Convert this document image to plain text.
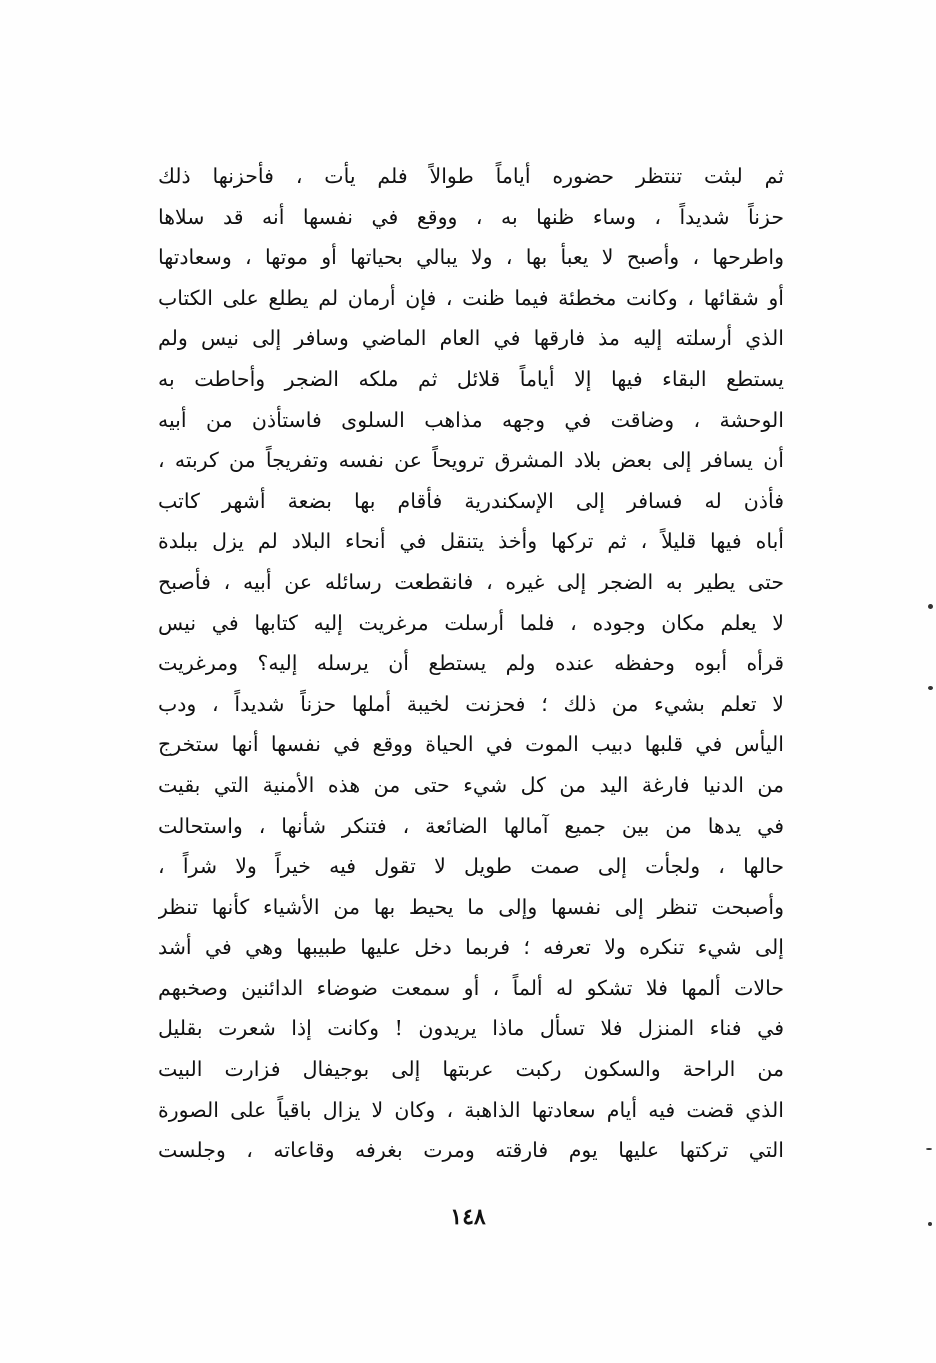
ثم لبثت تنتظر حضوره أياماً طوالاً فلم يأت ، فأحزنها ذلك
حزناً شديداً ، وساء ظنها به ، ووقع في نفسها أنه قد سلاها
واطرحها ، وأصبح لا يعبأ بها ، ولا يبالي بحياتها أو موتها ، وسعادتها
أو شقائها ، وكانت مخطئة فيما ظنت ، فإن أرمان لم يطلع على الكتاب
الذي أرسلته إليه مذ فارقها في العام الماضي وسافر إلى نيس ولم
يستطع البقاء فيها إلا أياماً قلائل ثم ملكه الضجر وأحاطت به
الوحشة ، وضاقت في وجهه مذاهب السلوى فاستأذن من أبيه
أن يسافر إلى بعض بلاد المشرق ترويحاً عن نفسه وتفريجاً من كربته ،
فأذن له فسافر إلى الإسكندرية فأقام بها بضعة أشهر كاتب
أباه فيها قليلاً ، ثم تركها وأخذ يتنقل في أنحاء البلاد لم يزل ببلدة
حتى يطير به الضجر إلى غيره ، فانقطعت رسائله عن أبيه ، فأصبح
لا يعلم مكان وجوده ، فلما أرسلت مرغريت إليه كتابها في نيس
قرأه أبوه وحفظه عنده ولم يستطع أن يرسله إليه؟ ومرغريت
لا تعلم بشيء من ذلك ؛ فحزنت لخيبة أملها حزناً شديداً ، ودب
اليأس في قلبها دبيب الموت في الحياة ووقع في نفسها أنها ستخرج
من الدنيا فارغة اليد من كل شيء حتى من هذه الأمنية التي بقيت
في يدها من بين جميع آمالها الضائعة ، فتنكر شأنها ، واستحالت
حالها ، ولجأت إلى صمت طويل لا تقول فيه خيراً ولا شراً ،
وأصبحت تنظر إلى نفسها وإلى ما يحيط بها من الأشياء كأنها تنظر
إلى شيء تنكره ولا تعرفه ؛ فربما دخل عليها طبيبها وهي في أشد
حالات ألمها فلا تشكو له ألماً ، أو سمعت ضوضاء الدائنين وصخبهم
في فناء المنزل فلا تسأل ماذا يريدون ! وكانت إذا شعرت بقليل
من الراحة والسكون ركبت عربتها إلى بوجيفال فزارت البيت
الذي قضت فيه أيام سعادتها الذاهبة ، وكان لا يزال باقياً على الصورة
التي تركتها عليها يوم فارقته ومرت بغرفه وقاعاته ، وجلست
١٤٨
